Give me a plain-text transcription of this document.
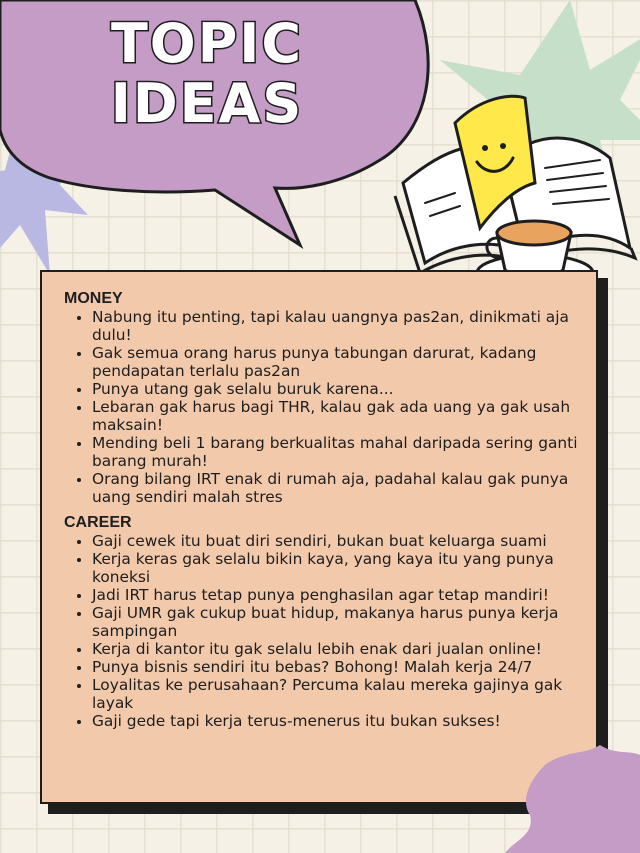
TOPIC
IDEAS
MONEY
• Nabung itu penting, tapi kalau uangnya pas2an, dinikmati aja dulu!
• Gak semua orang harus punya tabungan darurat, kadang pendapatan terlalu pas2an
• Punya utang gak selalu buruk karena...
• Lebaran gak harus bagi THR, kalau gak ada uang ya gak usah maksain!
• Mending beli 1 barang berkualitas mahal daripada sering ganti barang murah!
• Orang bilang IRT enak di rumah aja, padahal kalau gak punya uang sendiri malah stres
CAREER
• Gaji cewek itu buat diri sendiri, bukan buat keluarga suami
• Kerja keras gak selalu bikin kaya, yang kaya itu yang punya koneksi
• Jadi IRT harus tetap punya penghasilan agar tetap mandiri!
• Gaji UMR gak cukup buat hidup, makanya harus punya kerja sampingan
• Kerja di kantor itu gak selalu lebih enak dari jualan online!
• Punya bisnis sendiri itu bebas? Bohong! Malah kerja 24/7
• Loyalitas ke perusahaan? Percuma kalau mereka gajinya gak layak
• Gaji gede tapi kerja terus-menerus itu bukan sukses!
